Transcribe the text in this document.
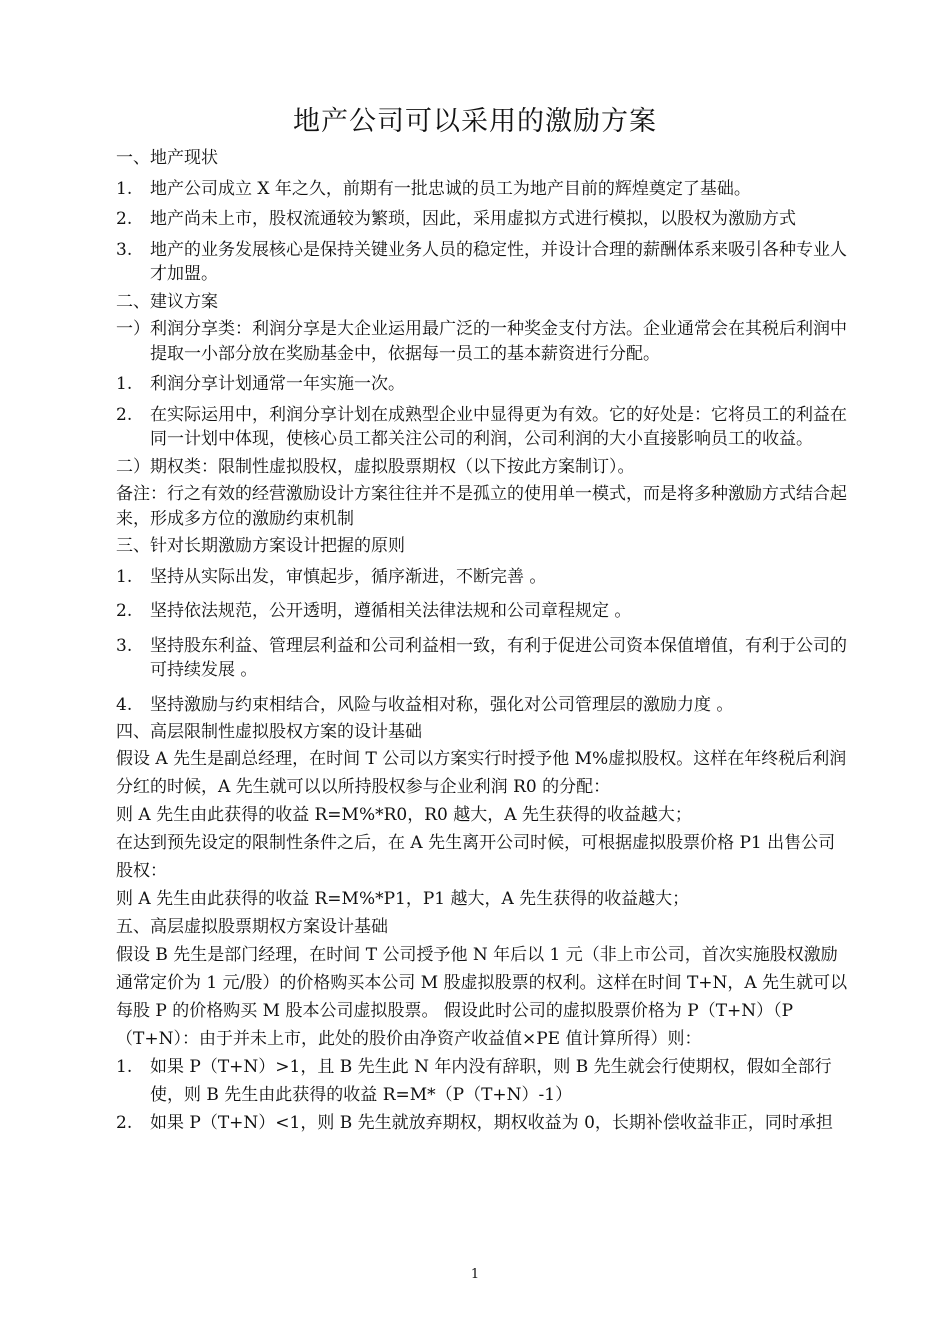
地产公司可以采用的激励方案

一、地产现状

1. 地产公司成立 X 年之久，前期有一批忠诚的员工为地产目前的辉煌奠定了基础。
2. 地产尚未上市，股权流通较为繁琐，因此，采用虚拟方式进行模拟，以股权为激励方式
3. 地产的业务发展核心是保持关键业务人员的稳定性，并设计合理的薪酬体系来吸引各种专业人才加盟。

二、建议方案

一）利润分享类：利润分享是大企业运用最广泛的一种奖金支付方法。企业通常会在其税后利润中提取一小部分放在奖励基金中，依据每一员工的基本薪资进行分配。

1. 利润分享计划通常一年实施一次。
2. 在实际运用中，利润分享计划在成熟型企业中显得更为有效。它的好处是：它将员工的利益在同一计划中体现，使核心员工都关注公司的利润，公司利润的大小直接影响员工的收益。

二）期权类：限制性虚拟股权，虚拟股票期权（以下按此方案制订）。

备注：行之有效的经营激励设计方案往往并不是孤立的使用单一模式，而是将多种激励方式结合起来，形成多方位的激励约束机制

三、针对长期激励方案设计把握的原则

1. 坚持从实际出发，审慎起步，循序渐进，不断完善 。
2. 坚持依法规范，公开透明，遵循相关法律法规和公司章程规定 。
3. 坚持股东利益、管理层利益和公司利益相一致，有利于促进公司资本保值增值，有利于公司的可持续发展 。
4. 坚持激励与约束相结合，风险与收益相对称，强化对公司管理层的激励力度 。

四、高层限制性虚拟股权方案的设计基础

假设 A 先生是副总经理，在时间 T 公司以方案实行时授予他 M%虚拟股权。这样在年终税后利润分红的时候，A 先生就可以以所持股权参与企业利润 R0 的分配：

则 A 先生由此获得的收益 R=M%*R0，R0 越大，A 先生获得的收益越大；

在达到预先设定的限制性条件之后，在 A 先生离开公司时候，可根据虚拟股票价格 P1 出售公司股权：

则 A 先生由此获得的收益 R=M%*P1，P1 越大，A 先生获得的收益越大；

五、高层虚拟股票期权方案设计基础

假设 B 先生是部门经理，在时间 T 公司授予他 N 年后以 1 元（非上市公司，首次实施股权激励通常定价为 1 元/股）的价格购买本公司 M 股虚拟股票的权利。这样在时间 T+N，A 先生就可以每股 P 的价格购买 M 股本公司虚拟股票。 假设此时公司的虚拟股票价格为 P（T+N）（P（T+N）：由于并未上市，此处的股价由净资产收益值×PE 值计算所得）则：

1. 如果 P（T+N）>1，且 B 先生此 N 年内没有辞职，则 B 先生就会行使期权，假如全部行使，则 B 先生由此获得的收益 R=M*（P（T+N）-1）
2. 如果 P（T+N）<1，则 B 先生就放弃期权，期权收益为 0，长期补偿收益非正，同时承担
1
